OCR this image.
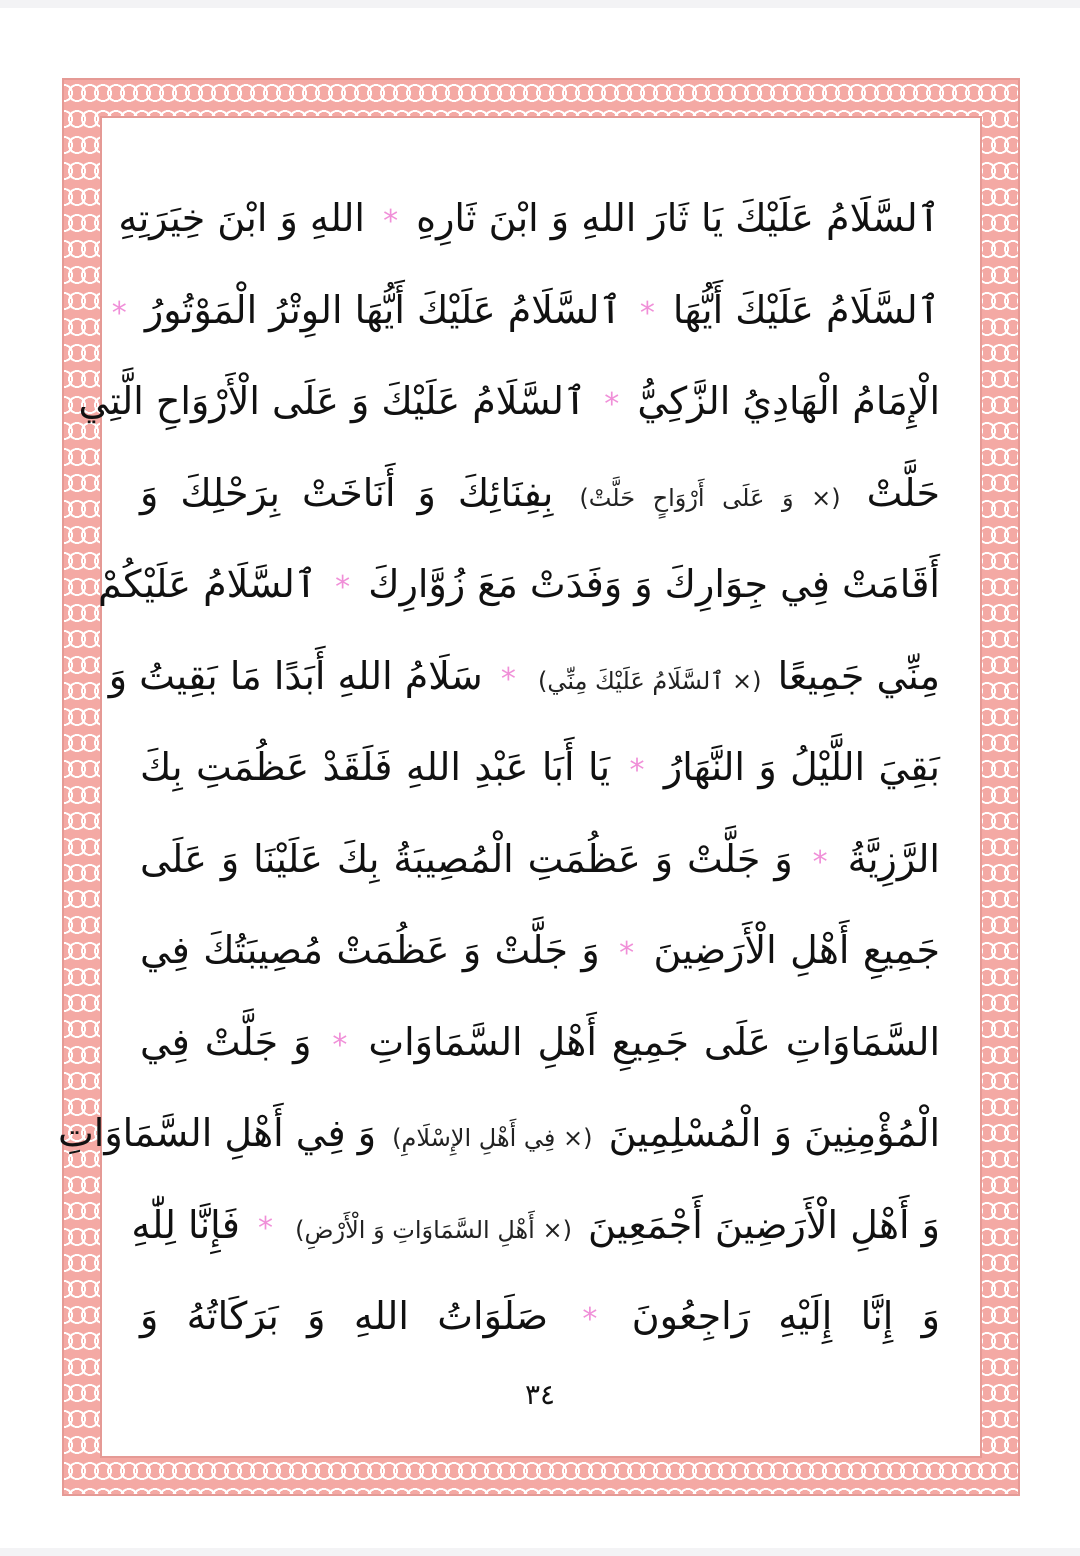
ٱلسَّلَامُ عَلَيْكَ يَا ثَارَ اللهِ وَ ابْنَ ثَارِهِ * اللهِ وَ ابْنَ خِيَرَتِهِ
ٱلسَّلَامُ عَلَيْكَ أَيُّهَا * ٱلسَّلَامُ عَلَيْكَ أَيُّهَا الوِتْرُ الْمَوْتُورُ *
الْإِمَامُ الْهَادِيُ الزَّكِيُّ * ٱلسَّلَامُ عَلَيْكَ وَ عَلَى الْأَرْوَاحِ الَّتِي
حَلَّتْ (× وَ عَلَى أَرْوَاحٍ حَلَّتْ) بِفِنَائِكَ وَ أَنَاخَتْ بِرَحْلِكَ وَ
أَقَامَتْ فِي جِوَارِكَ وَ وَفَدَتْ مَعَ زُوَّارِكَ * ٱلسَّلَامُ عَلَيْكُمْ
مِنِّي جَمِيعًا (× ٱلسَّلَامُ عَلَيْكَ مِنِّي) * سَلَامُ اللهِ أَبَدًا مَا بَقِيتُ وَ
بَقِيَ اللَّيْلُ وَ النَّهَارُ * يَا أَبَا عَبْدِ اللهِ فَلَقَدْ عَظُمَتِ بِكَ
الرَّزِيَّةُ * وَ جَلَّتْ وَ عَظُمَتِ الْمُصِيبَةُ بِكَ عَلَيْنَا وَ عَلَى
جَمِيعِ أَهْلِ الْأَرَضِينَ * وَ جَلَّتْ وَ عَظُمَتْ مُصِيبَتُكَ فِي
السَّمَاوَاتِ عَلَى جَمِيعِ أَهْلِ السَّمَاوَاتِ * وَ جَلَّتْ فِي
الْمُؤْمِنِينَ وَ الْمُسْلِمِينَ (× فِي أَهْلِ الإِسْلَامِ) وَ فِي أَهْلِ السَّمَاوَاتِ
وَ أَهْلِ الْأَرَضِينَ أَجْمَعِينَ (× أَهْلِ السَّمَاوَاتِ وَ الْأَرْضِ) * فَإِنَّا لِلّٰهِ
وَ إِنَّا إِلَيْهِ رَاجِعُونَ * صَلَوَاتُ اللهِ وَ بَرَكَاتُهُ وَ
٣٤
